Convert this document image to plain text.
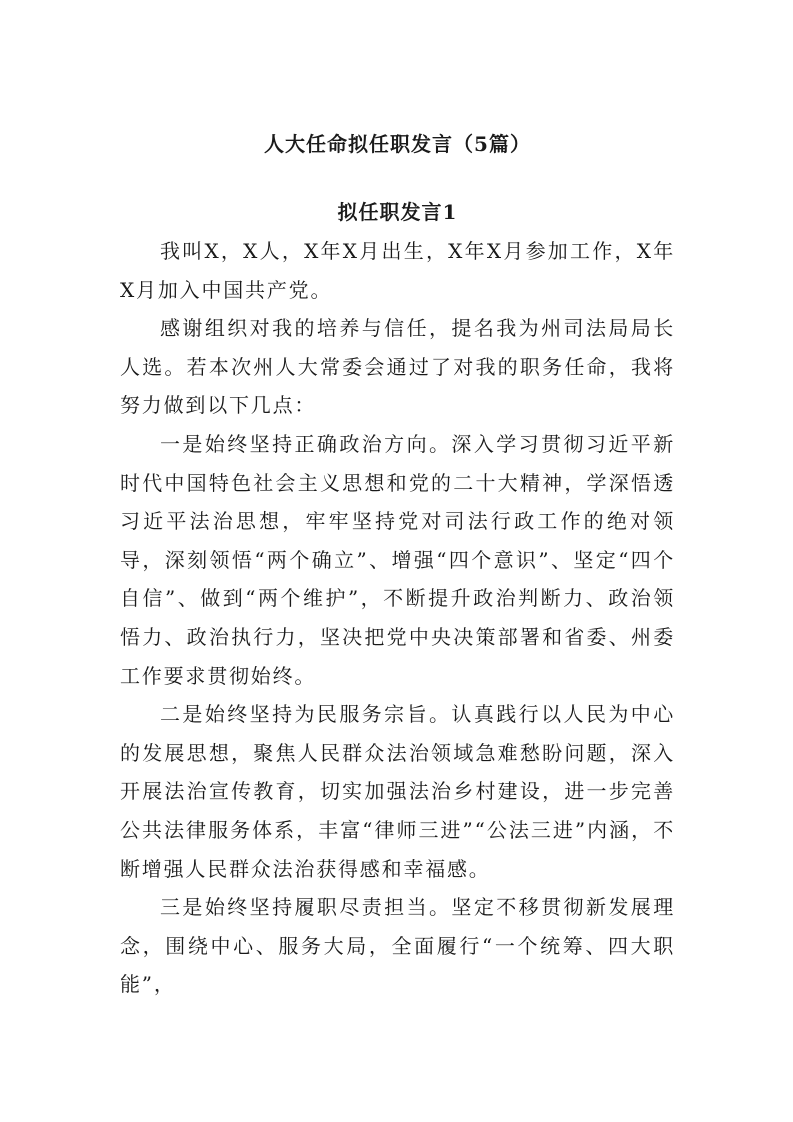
人大任命拟任职发言（5篇）
拟任职发言1

我叫X，X人，X年X月出生，X年X月参加工作，X年X月加入中国共产党。

感谢组织对我的培养与信任，提名我为州司法局局长人选。若本次州人大常委会通过了对我的职务任命，我将努力做到以下几点：

一是始终坚持正确政治方向。深入学习贯彻习近平新时代中国特色社会主义思想和党的二十大精神，学深悟透习近平法治思想，牢牢坚持党对司法行政工作的绝对领导，深刻领悟“两个确立”、增强“四个意识”、坚定“四个自信”、做到“两个维护”，不断提升政治判断力、政治领悟力、政治执行力，坚决把党中央决策部署和省委、州委工作要求贯彻始终。

二是始终坚持为民服务宗旨。认真践行以人民为中心的发展思想，聚焦人民群众法治领域急难愁盼问题，深入开展法治宣传教育，切实加强法治乡村建设，进一步完善公共法律服务体系，丰富“律师三进”“公法三进”内涵，不断增强人民群众法治获得感和幸福感。

三是始终坚持履职尽责担当。坚定不移贯彻新发展理念，围绕中心、服务大局，全面履行“一个统筹、四大职能”，
